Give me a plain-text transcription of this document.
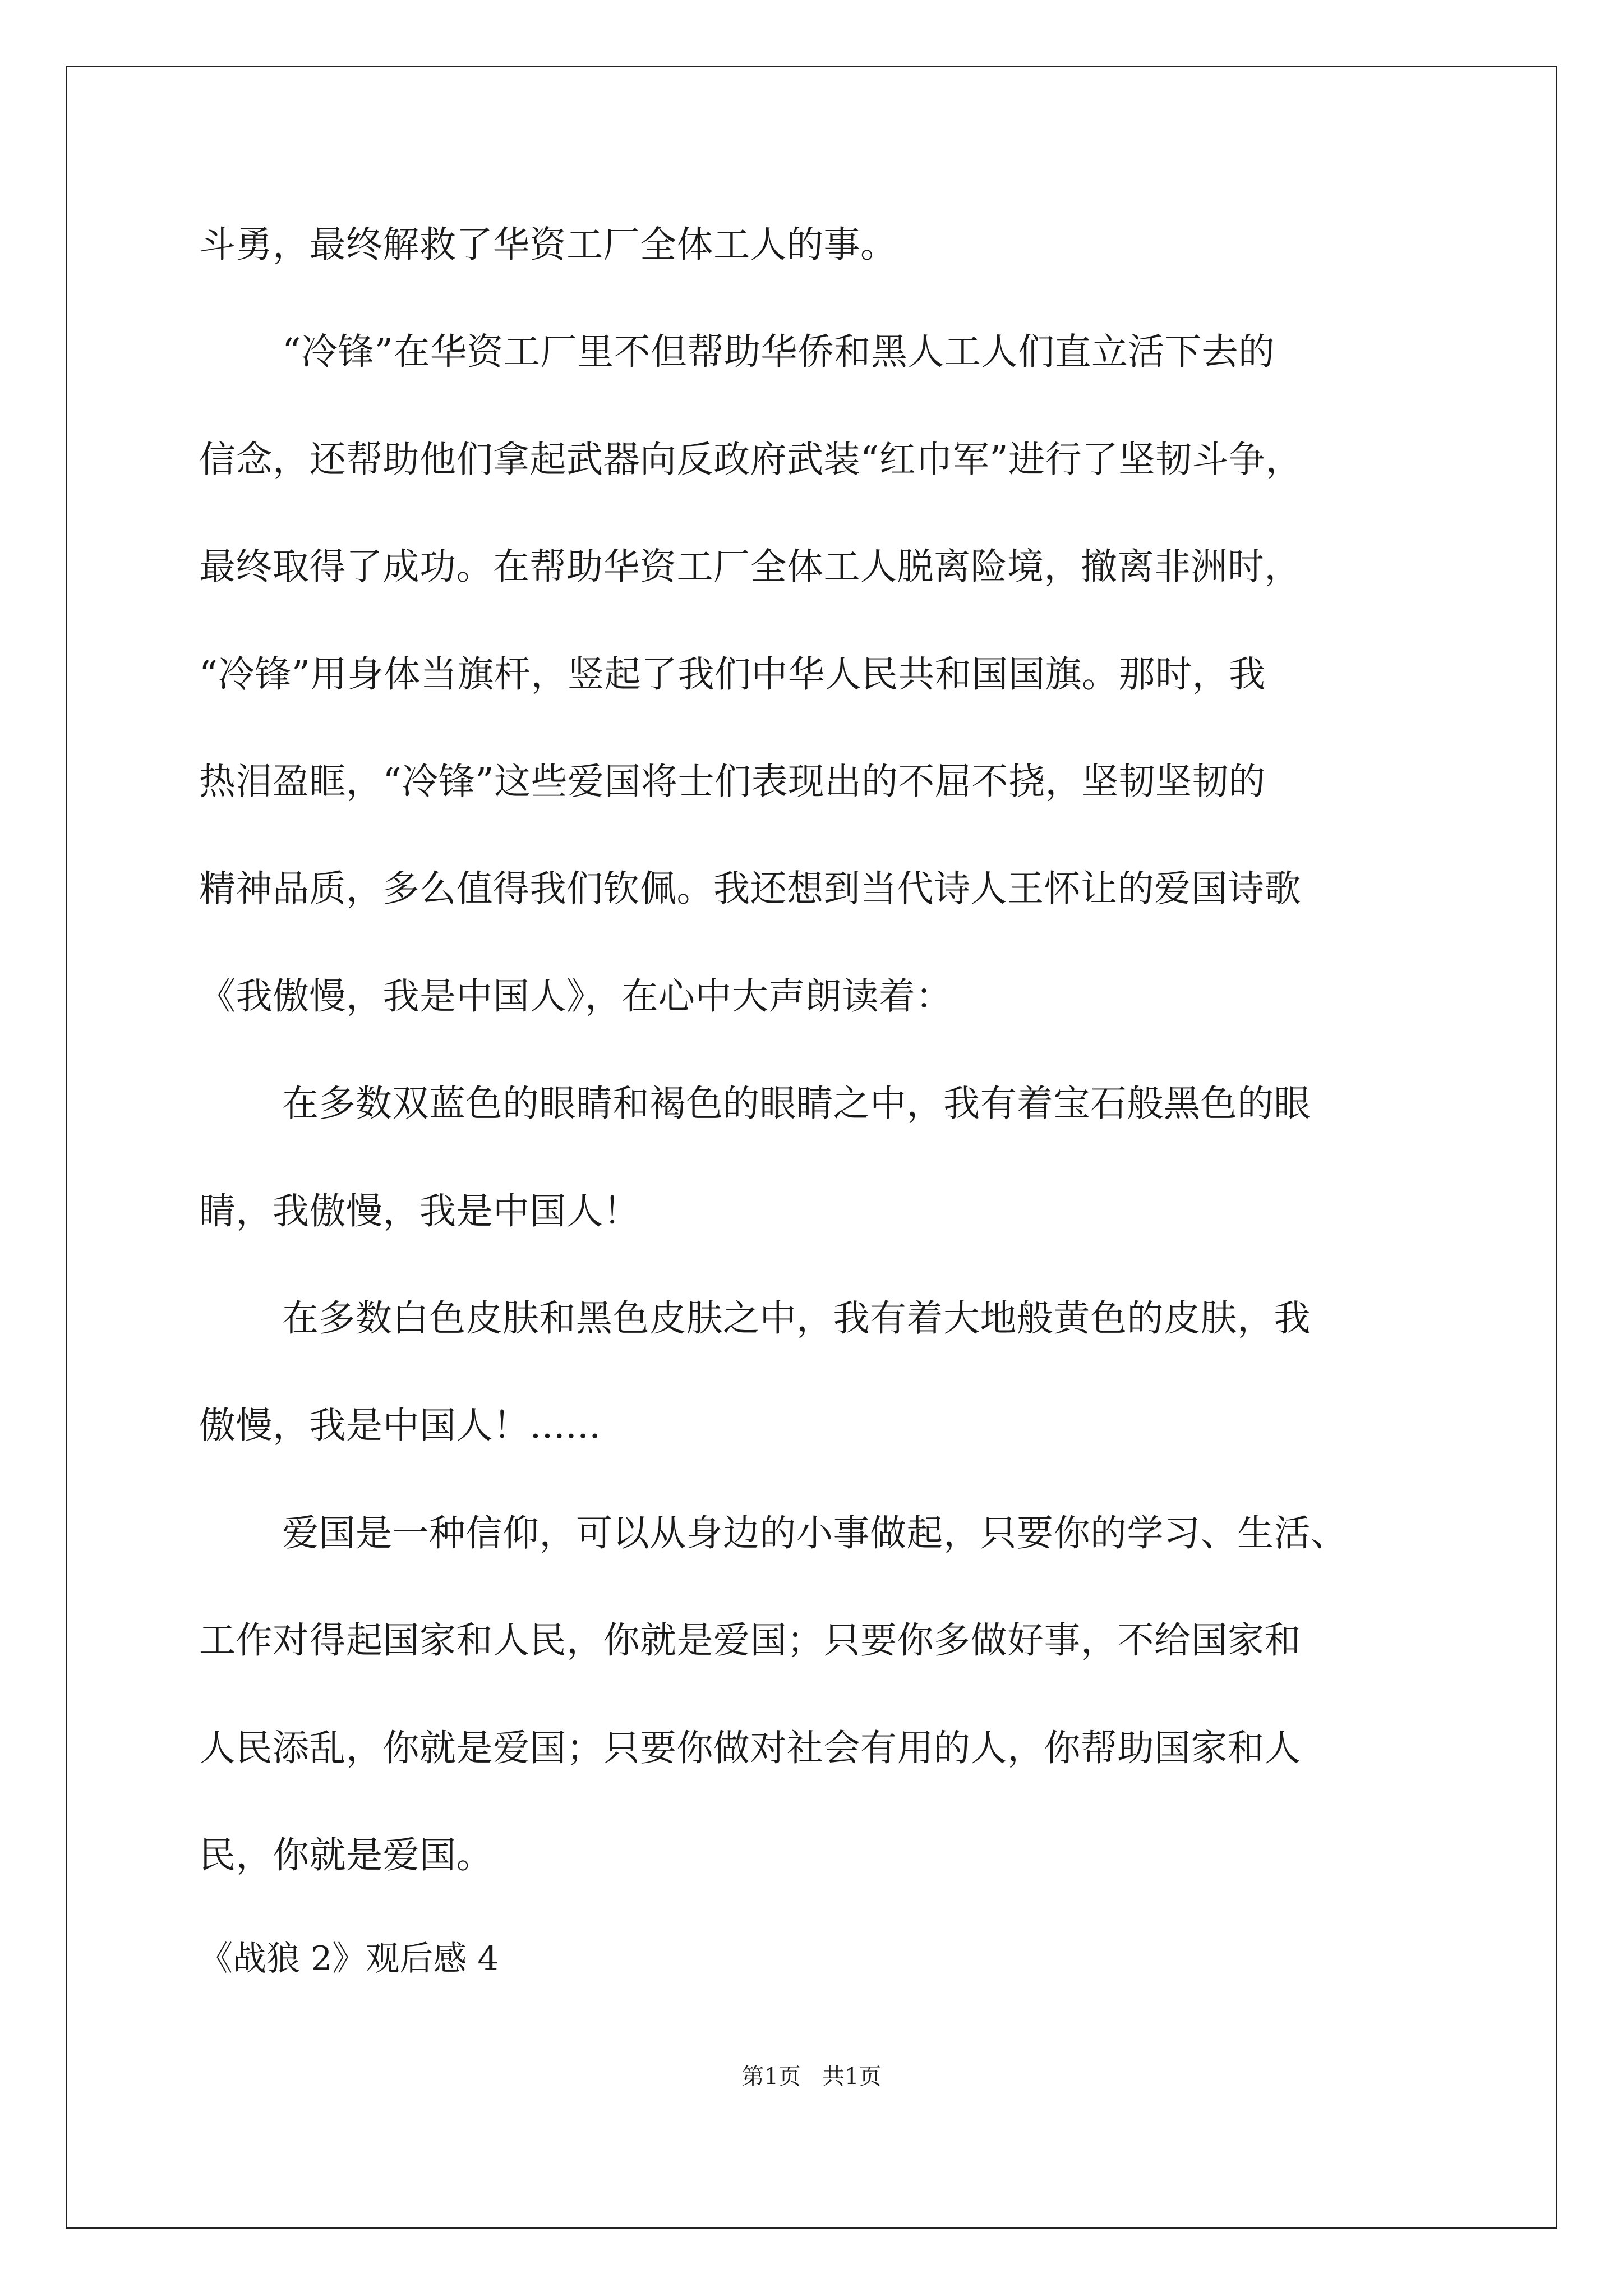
斗勇，最终解救了华资工厂全体工人的事。
“冷锋”在华资工厂里不但帮助华侨和黑人工人们直立活下去的
信念，还帮助他们拿起武器向反政府武装“红巾军”进行了坚韧斗争，
最终取得了成功。在帮助华资工厂全体工人脱离险境，撤离非洲时，
“冷锋”用身体当旗杆，竖起了我们中华人民共和国国旗。那时，我
热泪盈眶，“冷锋”这些爱国将士们表现出的不屈不挠，坚韧坚韧的
精神品质，多么值得我们钦佩。我还想到当代诗人王怀让的爱国诗歌
《我傲慢，我是中国人》，在心中大声朗读着：
在多数双蓝色的眼睛和褐色的眼睛之中，我有着宝石般黑色的眼
睛，我傲慢，我是中国人！
在多数白色皮肤和黑色皮肤之中，我有着大地般黄色的皮肤，我
傲慢，我是中国人！......
爱国是一种信仰，可以从身边的小事做起，只要你的学习、生活、
工作对得起国家和人民，你就是爱国；只要你多做好事，不给国家和
人民添乱，你就是爱国；只要你做对社会有用的人，你帮助国家和人
民，你就是爱国。
《战狼 2》观后感 4
第1页   共1页
